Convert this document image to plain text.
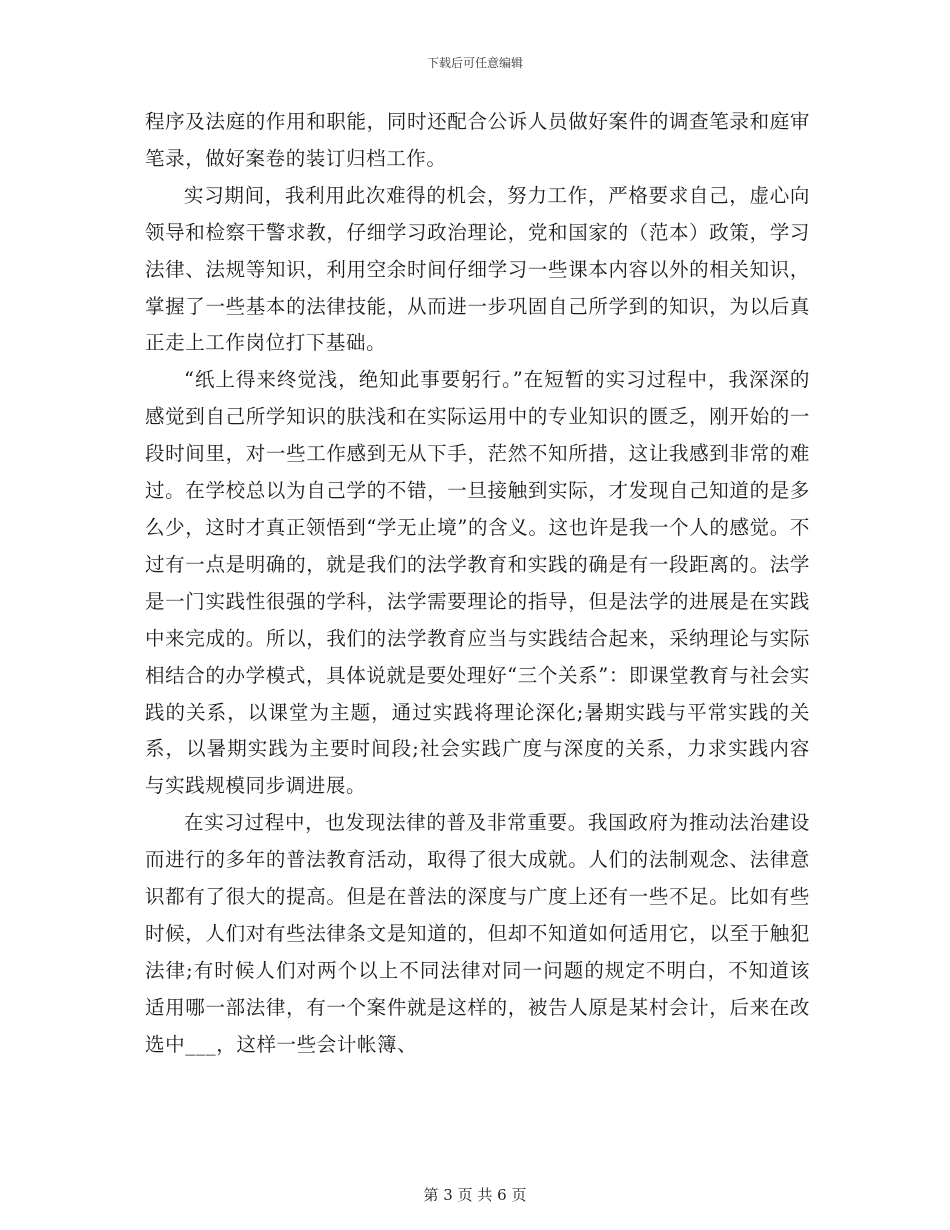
下载后可任意编辑

程序及法庭的作用和职能，同时还配合公诉人员做好案件的调查笔录和庭审笔录，做好案卷的装订归档工作。

实习期间，我利用此次难得的机会，努力工作，严格要求自己，虚心向领导和检察干警求教，仔细学习政治理论，党和国家的（范本）政策，学习法律、法规等知识，利用空余时间仔细学习一些课本内容以外的相关知识，掌握了一些基本的法律技能，从而进一步巩固自己所学到的知识，为以后真正走上工作岗位打下基础。

“纸上得来终觉浅，绝知此事要躬行。”在短暂的实习过程中，我深深的感觉到自己所学知识的肤浅和在实际运用中的专业知识的匮乏，刚开始的一段时间里，对一些工作感到无从下手，茫然不知所措，这让我感到非常的难过。在学校总以为自己学的不错，一旦接触到实际，才发现自己知道的是多么少，这时才真正领悟到“学无止境”的含义。这也许是我一个人的感觉。不过有一点是明确的，就是我们的法学教育和实践的确是有一段距离的。法学是一门实践性很强的学科，法学需要理论的指导，但是法学的进展是在实践中来完成的。所以，我们的法学教育应当与实践结合起来，采纳理论与实际相结合的办学模式，具体说就是要处理好“三个关系”：即课堂教育与社会实践的关系，以课堂为主题，通过实践将理论深化;暑期实践与平常实践的关系，以暑期实践为主要时间段;社会实践广度与深度的关系，力求实践内容与实践规模同步调进展。

在实习过程中，也发现法律的普及非常重要。我国政府为推动法治建设而进行的多年的普法教育活动，取得了很大成就。人们的法制观念、法律意识都有了很大的提高。但是在普法的深度与广度上还有一些不足。比如有些时候，人们对有些法律条文是知道的，但却不知道如何适用它，以至于触犯法律;有时候人们对两个以上不同法律对同一问题的规定不明白，不知道该适用哪一部法律，有一个案件就是这样的，被告人原是某村会计，后来在改选中___，这样一些会计帐簿、

第 3 页 共 6 页
